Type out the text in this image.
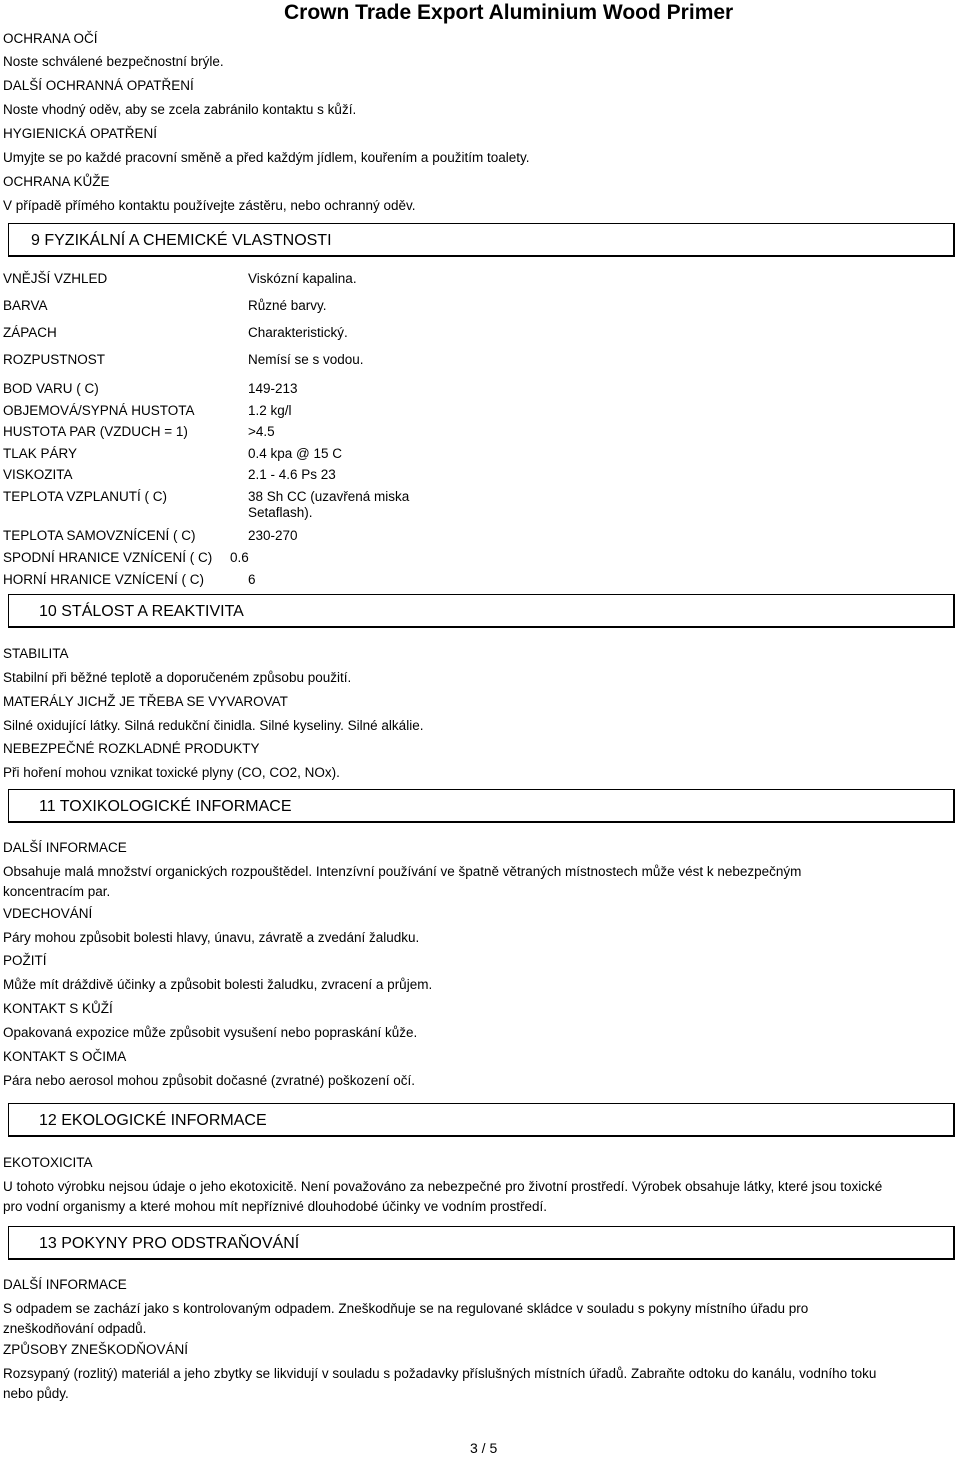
Crown Trade Export Aluminium Wood Primer
OCHRANA OČÍ
Noste schválené bezpečnostní brýle.
DALŠÍ OCHRANNÁ OPATŘENÍ
Noste vhodný oděv, aby se zcela zabránilo kontaktu s kůží.
HYGIENICKÁ OPATŘENÍ
Umyjte se po každé pracovní směně a před každým jídlem, kouřením a použitím toalety.
OCHRANA KŮŽE
V případě přímého kontaktu používejte zástěru, nebo ochranný oděv.
9 FYZIKÁLNÍ A CHEMICKÉ VLASTNOSTI
VNĚJŠÍ VZHLED	Viskózní kapalina.
BARVA	Různé barvy.
ZÁPACH	Charakteristický.
ROZPUSTNOST	Nemísí se s vodou.
BOD VARU ( C)	149-213
OBJEMOVÁ/SYPNÁ HUSTOTA	1.2 kg/l
HUSTOTA PAR (VZDUCH = 1)	>4.5
TLAK PÁRY	0.4 kpa @ 15 C
VISKOZITA	2.1 - 4.6 Ps 23
TEPLOTA VZPLANUTÍ ( C)	38 Sh CC (uzavřená miska Setaflash).
TEPLOTA SAMOVZNÍCENÍ ( C)	230-270
SPODNÍ HRANICE VZNÍCENÍ ( C) 0.6
HORNÍ HRANICE VZNÍCENÍ ( C)	6
10 STÁLOST A REAKTIVITA
STABILITA
Stabilní při běžné teplotě a doporučeném způsobu použití.
MATERÁLY JICHŽ JE TŘEBA SE VYVAROVAT
Silné oxidující látky. Silná redukční činidla. Silné kyseliny. Silné alkálie.
NEBEZPEČNÉ ROZKLADNÉ PRODUKTY
Při hoření mohou vznikat toxické plyny (CO, CO2, NOx).
11 TOXIKOLOGICKÉ INFORMACE
DALŠÍ INFORMACE
Obsahuje malá množství organických rozpouštědel. Intenzívní používání ve špatně větraných místnostech může vést k nebezpečným koncentracím par.
VDECHOVÁNÍ
Páry mohou způsobit bolesti hlavy, únavu, závratě a zvedání žaludku.
POŽITÍ
Může mít dráždivě účinky a způsobit bolesti žaludku, zvracení a průjem.
KONTAKT S KŮŽÍ
Opakovaná expozice může způsobit vysušení nebo popraskání kůže.
KONTAKT S OČIMA
Pára nebo aerosol mohou způsobit dočasné (zvratné) poškození očí.
12 EKOLOGICKÉ INFORMACE
EKOTOXICITA
U tohoto výrobku nejsou údaje o jeho ekotoxicitě. Není považováno za nebezpečné pro životní prostředí. Výrobek obsahuje látky, které jsou toxické pro vodní organismy a které mohou mít nepříznivé dlouhodobé účinky ve vodním prostředí.
13 POKYNY PRO ODSTRAŇOVÁNÍ
DALŠÍ INFORMACE
S odpadem se zachází jako s kontrolovaným odpadem. Zneškodňuje se na regulované skládce v souladu s pokyny místního úřadu pro zneškodňování odpadů.
ZPŮSOBY ZNEŠKODŇOVÁNÍ
Rozsypaný (rozlitý) materiál a jeho zbytky se likvidují v souladu s požadavky příslušných místních úřadů. Zabraňte odtoku do kanálu, vodního toku nebo půdy.
3 / 5
